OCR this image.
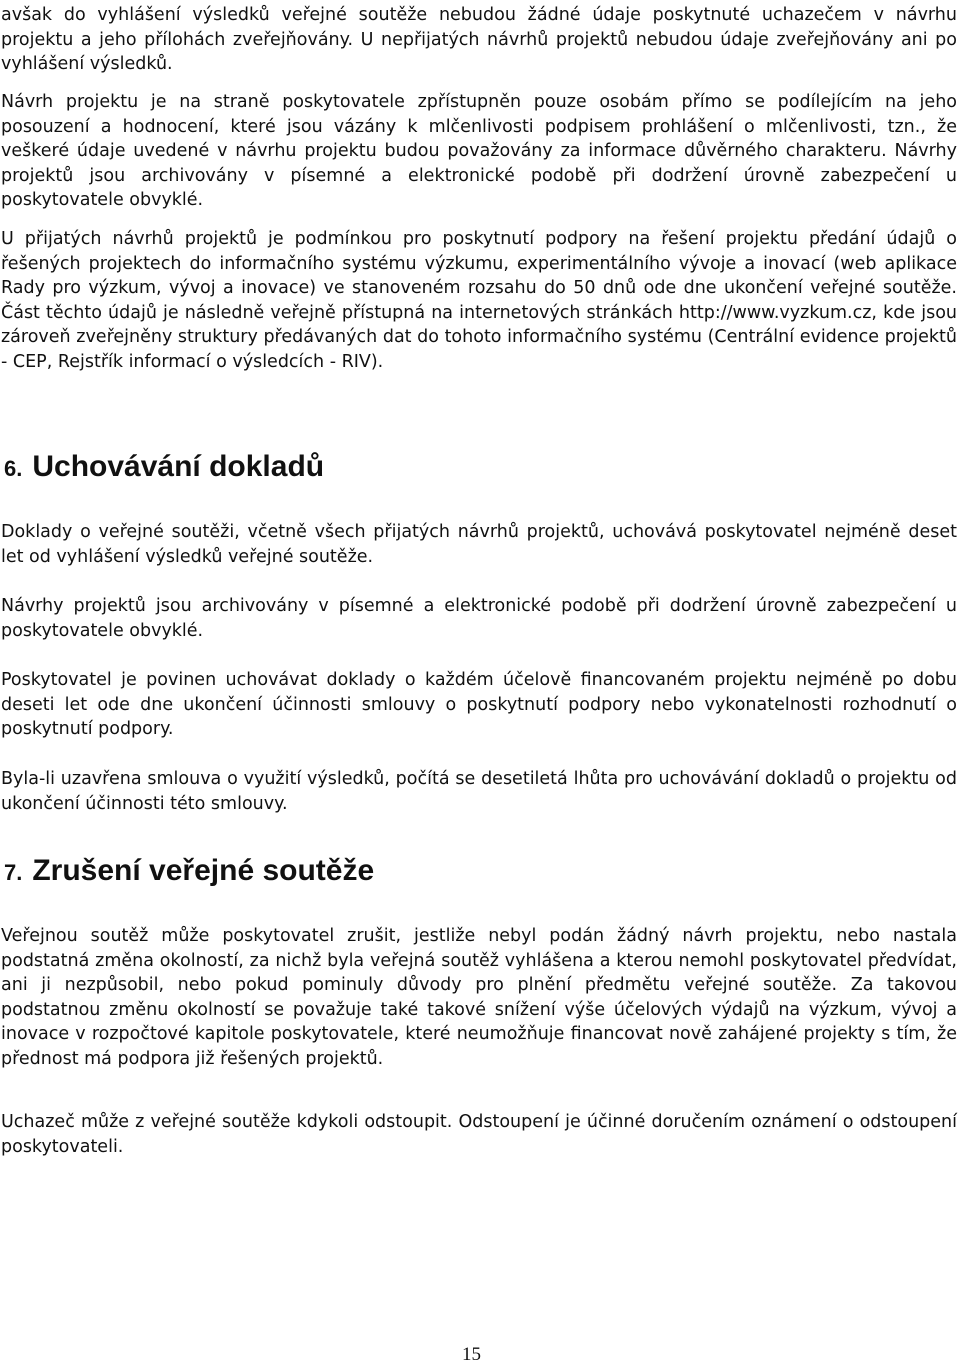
avšak do vyhlášení výsledků veřejné soutěže nebudou žádné údaje poskytnuté uchazečem v návrhu projektu a jeho přílohách zveřejňovány. U nepřijatých návrhů projektů nebudou údaje zveřejňovány ani po vyhlášení výsledků.

Návrh projektu je na straně poskytovatele zpřístupněn pouze osobám přímo se podílejícím na jeho posouzení a hodnocení, které jsou vázány k mlčenlivosti podpisem prohlášení o mlčenlivosti, tzn., že veškeré údaje uvedené v návrhu projektu budou považovány za informace důvěrného charakteru. Návrhy projektů jsou archivovány v písemné a elektronické podobě při dodržení úrovně zabezpečení u poskytovatele obvyklé.

U přijatých návrhů projektů je podmínkou pro poskytnutí podpory na řešení projektu předání údajů o řešených projektech do informačního systému výzkumu, experimentálního vývoje a inovací (web aplikace Rady pro výzkum, vývoj a inovace) ve stanoveném rozsahu do 50 dnů ode dne ukončení veřejné soutěže. Část těchto údajů je následně veřejně přístupná na internetových stránkách http://www.vyzkum.cz, kde jsou zároveň zveřejněny struktury předávaných dat do tohoto informačního systému (Centrální evidence projektů - CEP, Rejstřík informací o výsledcích - RIV).

6. Uchovávání dokladů

Doklady o veřejné soutěži, včetně všech přijatých návrhů projektů, uchovává poskytovatel nejméně deset let od vyhlášení výsledků veřejné soutěže.

Návrhy projektů jsou archivovány v písemné a elektronické podobě při dodržení úrovně zabezpečení u poskytovatele obvyklé.

Poskytovatel je povinen uchovávat doklady o každém účelově financovaném projektu nejméně po dobu deseti let ode dne ukončení účinnosti smlouvy o poskytnutí podpory nebo vykonatelnosti rozhodnutí o poskytnutí podpory.

Byla-li uzavřena smlouva o využití výsledků, počítá se desetiletá lhůta pro uchovávání dokladů o projektu od ukončení účinnosti této smlouvy.

7. Zrušení veřejné soutěže

Veřejnou soutěž může poskytovatel zrušit, jestliže nebyl podán žádný návrh projektu, nebo nastala podstatná změna okolností, za nichž byla veřejná soutěž vyhlášena a kterou nemohl poskytovatel předvídat, ani ji nezpůsobil, nebo pokud pominuly důvody pro plnění předmětu veřejné soutěže. Za takovou podstatnou změnu okolností se považuje také takové snížení výše účelových výdajů na výzkum, vývoj a inovace v rozpočtové kapitole poskytovatele, které neumožňuje financovat nově zahájené projekty s tím, že přednost má podpora již řešených projektů.

Uchazeč může z veřejné soutěže kdykoli odstoupit. Odstoupení je účinné doručením oznámení o odstoupení poskytovateli.

15
